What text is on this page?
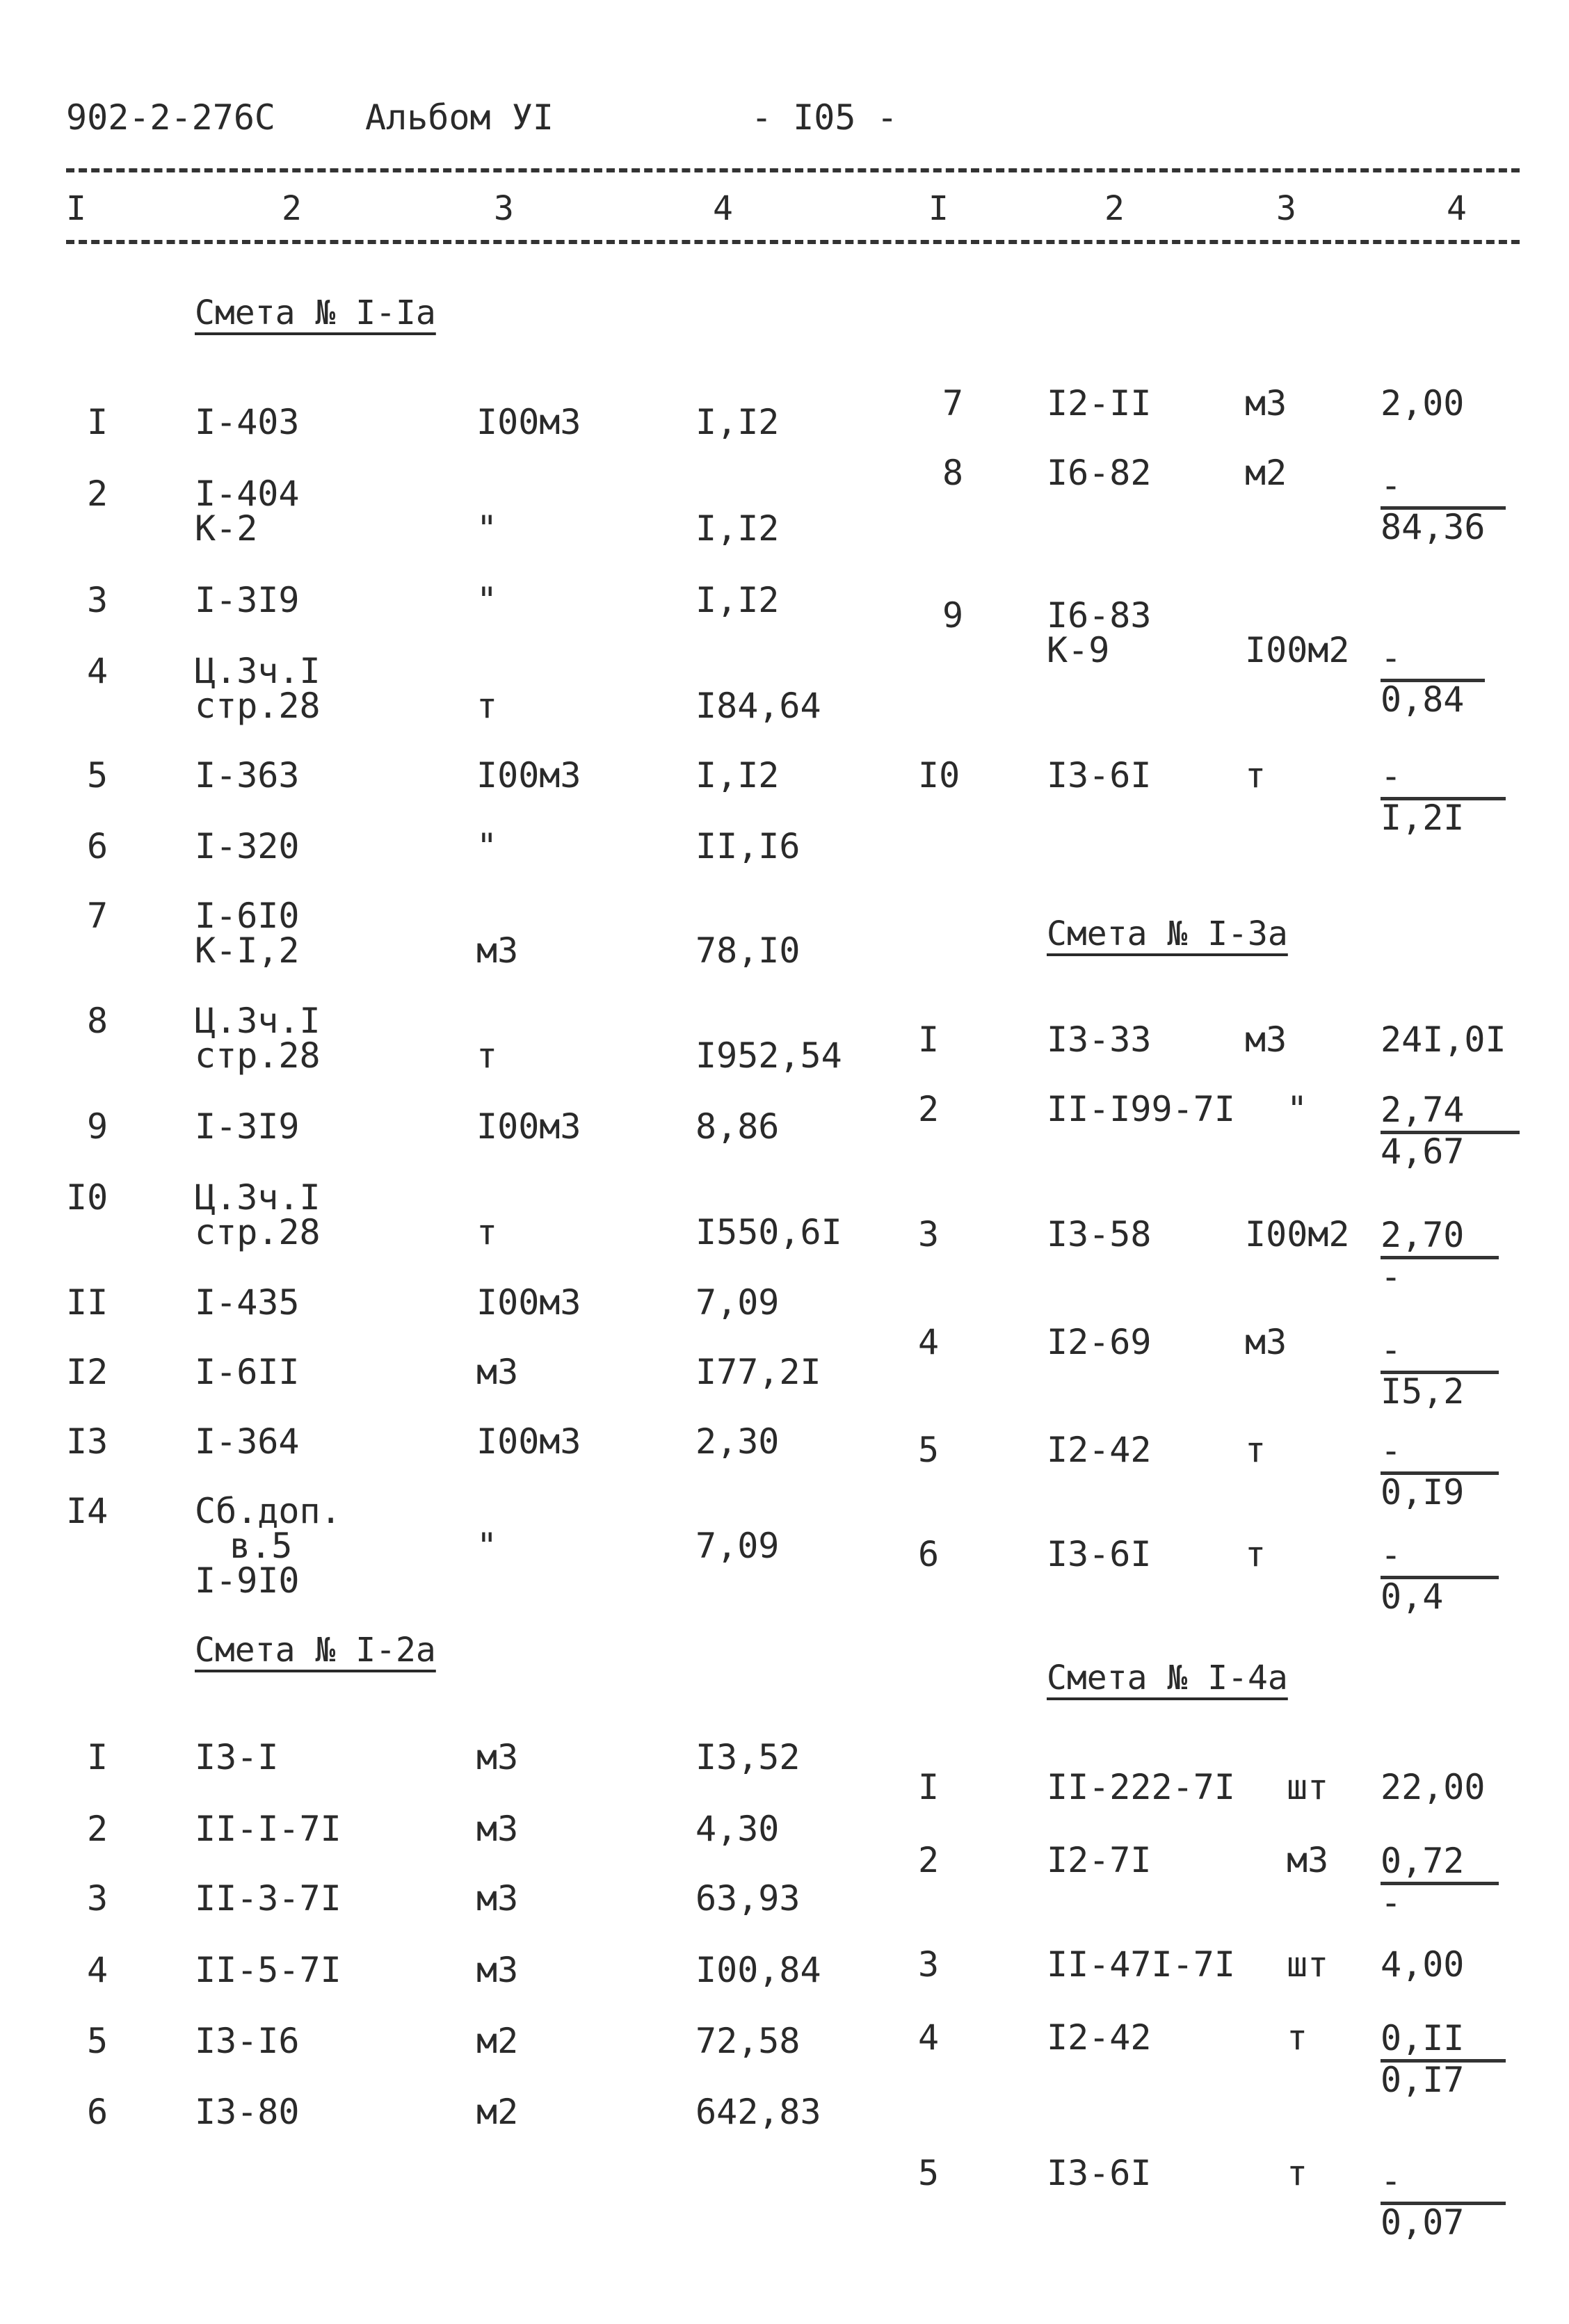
902-2-276С	Альбом УI	- I05 -
I	2	3	4	I	2	3	4
Смета № I-Iа
I I-403	I00м3	I,I2
2 I-404
К-2	"	I,I2
3 I-3I9	"	I,I2
4 Ц.3ч.I
стр.28	т	I84,64
5 I-363	I00м3	I,I2
6 I-320	"	II,I6
7 I-6I0
К-I,2	м3	78,I0
8 Ц.3ч.I
стр.28	т	I952,54
9 I-3I9	I00м3	8,86
I0 Ц.3ч.I
стр.28	т	I550,6I
II I-435	I00м3	7,09
I2 I-6II	м3	I77,2I
I3 I-364	I00м3	2,30
I4 Сб.доп.
в.5
I-9I0
"	7,09
Смета № I-2а
I I3-I	м3	I3,52
2 II-I-7I	м3	4,30
3 II-3-7I	м3	63,93
4 II-5-7I	м3	I00,84
5 I3-I6	м2	72,58
6 I3-80	м2	642,83
7 I2-II	м3	2,00
8 I6-82	м2	-
84,36
9 I6-83
К-9	I00м2 -
0,84
I0 I3-6I	т	-
I,2I
Смета № I-3а
I	I3-33	м3	24I,0I
2	II-I99-7I " 2,74
4,67
3	I3-58	I00м2 2,70
-
4	I2-69	м3	-
I5,2
5	I2-42	т	-
0,I9
6	I3-6I	т	-
0,4
Смета № I-4а
I	II-222-7I шт 22,00
2	I2-7I	м3 0,72
-
3	II-47I-7I шт 4,00
4	I2-42	т 0,II
0,I7
5	I3-6I	т -
0,07
